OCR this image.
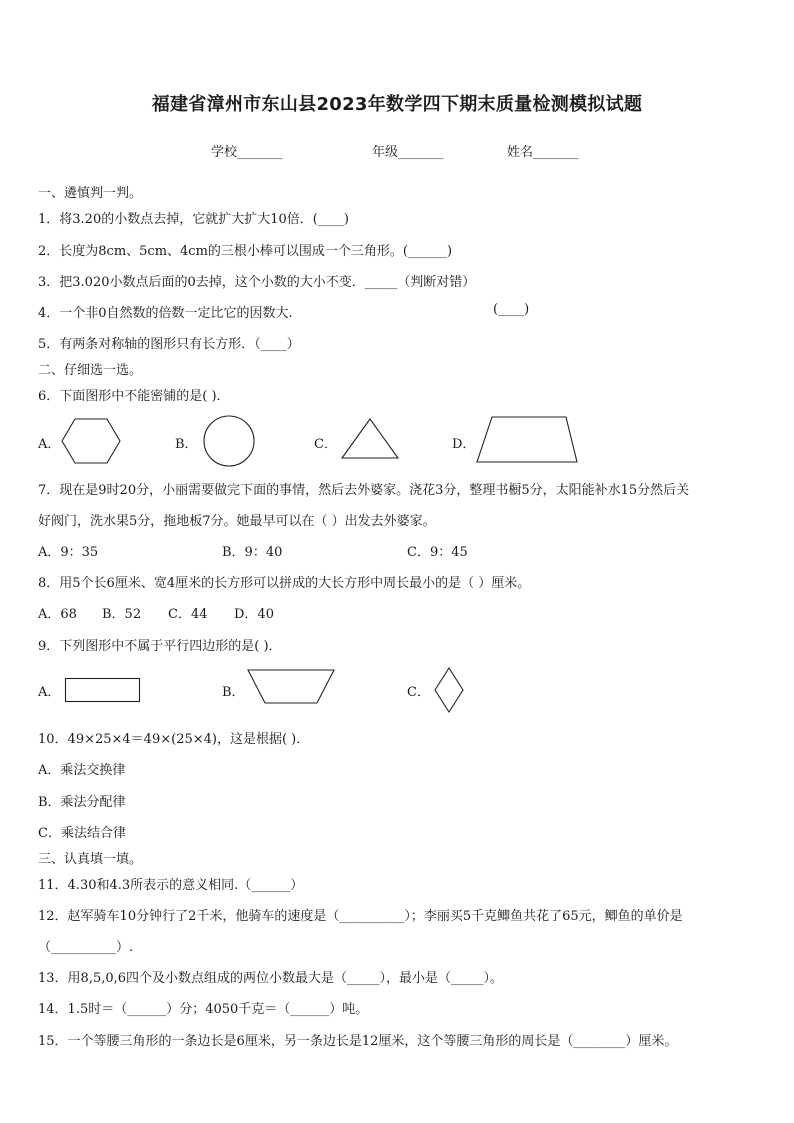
福建省漳州市东山县2023年数学四下期末质量检测模拟试题
学校_______	年级_______	姓名_______
一、遴慎判一判。
1．将3.20的小数点去掉，它就扩大扩大10倍．(____)
2．长度为8cm、5cm、4cm的三根小棒可以围成一个三角形。(______)
3．把3.020小数点后面的0去掉，这个小数的大小不变．_____（判断对错）
4．一个非0自然数的倍数一定比它的因数大.	(____)
5．有两条对称轴的图形只有长方形．（____）
二、仔细选一选。
6．下面图形中不能密铺的是( )．
A．	B．	C．	D．
7．现在是9时20分，小丽需要做完下面的事情，然后去外婆家。浇花3分，整理书橱5分，太阳能补水15分然后关
好阀门，洗水果5分，拖地板7分。她最早可以在（ ）出发去外婆家。
A．9：35	B．9：40	C．9：45
8．用5个长6厘米、宽4厘米的长方形可以拼成的大长方形中周长最小的是（ ）厘米。
A．68 B．52 C．44 D．40
9．下列图形中不属于平行四边形的是( )．
A．	B．	C．
10．49×25×4＝49×(25×4)，这是根据( )．
A．乘法交换律
B．乘法分配律
C．乘法结合律
三、认真填一填。
11．4.30和4.3所表示的意义相同.（______）
12．赵军骑车10分钟行了2千米，他骑车的速度是（__________）；李丽买5千克鲫鱼共花了65元，鲫鱼的单价是
（__________）.
13．用8,5,0,6四个及小数点组成的两位小数最大是（_____），最小是（_____）。
14．1.5时＝（______）分；4050千克＝（______）吨。
15．一个等腰三角形的一条边长是6厘米，另一条边长是12厘米，这个等腰三角形的周长是（________）厘米。
